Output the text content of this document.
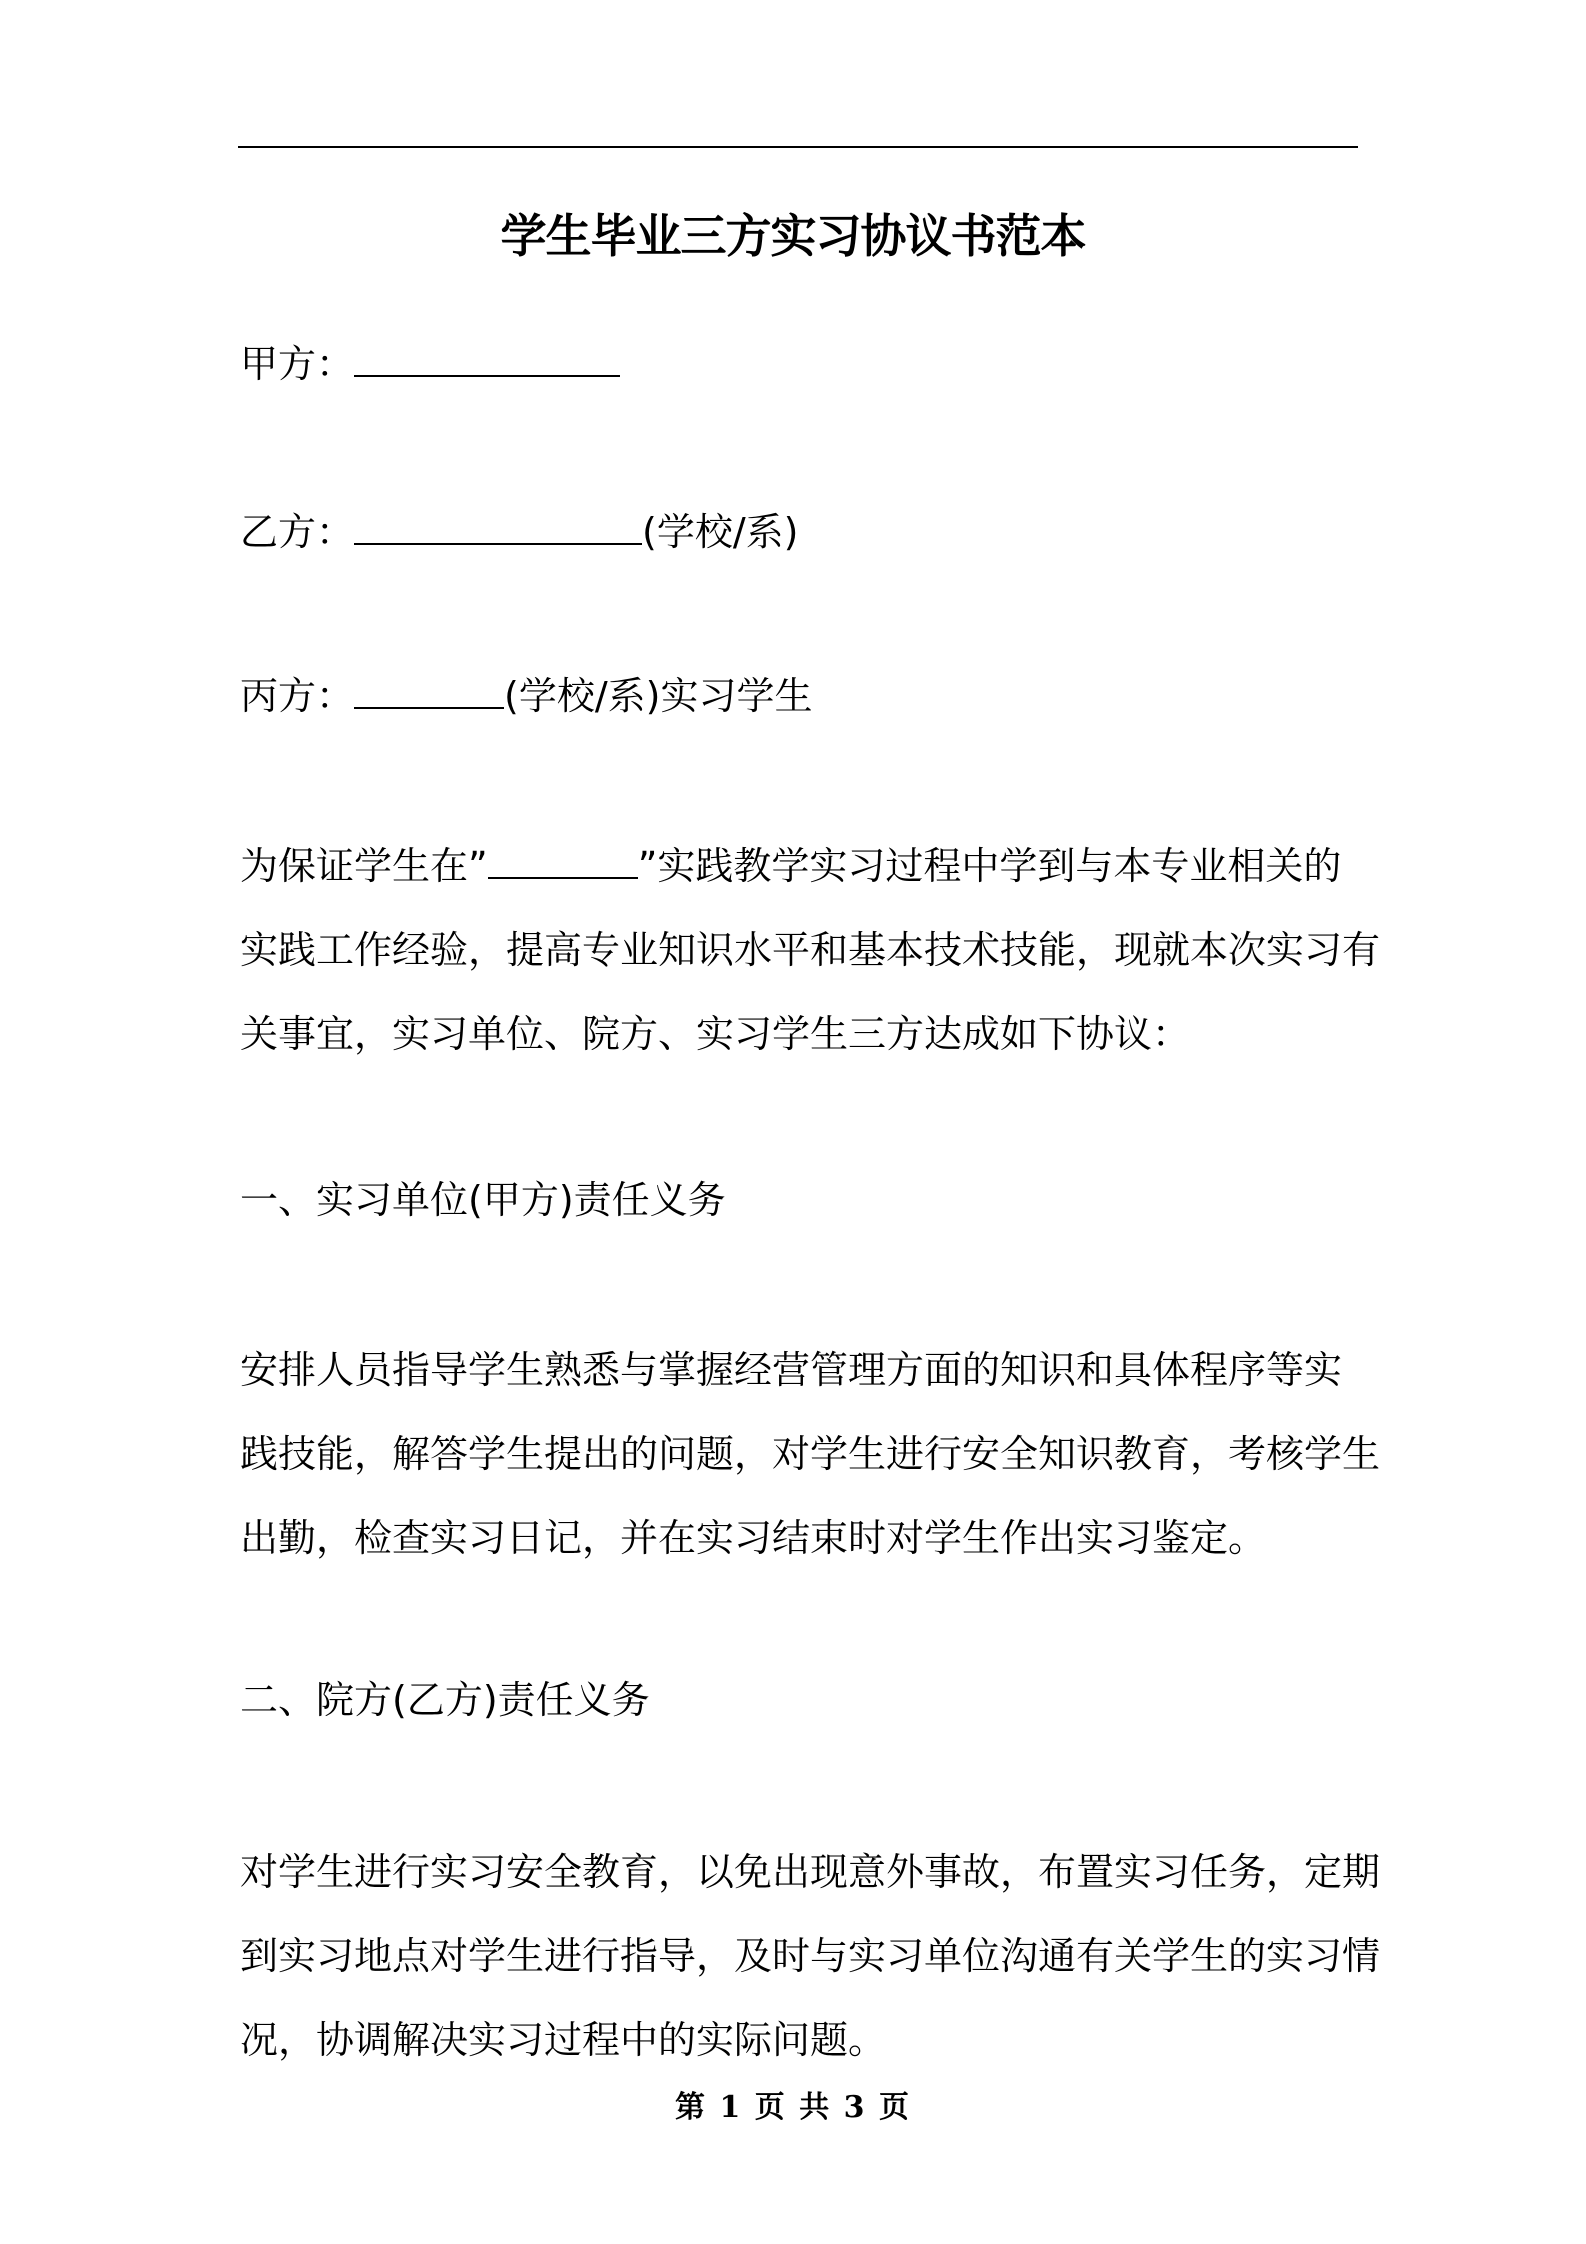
学生毕业三方实习协议书范本
甲方：
乙方：	(学校/系)
丙方：	(学校/系)实习学生
为保证学生在”	”实践教学实习过程中学到与本专业相关的
实践工作经验，提高专业知识水平和基本技术技能，现就本次实习有
关事宜，实习单位、院方、实习学生三方达成如下协议：
一、实习单位(甲方)责任义务
安排人员指导学生熟悉与掌握经营管理方面的知识和具体程序等实
践技能，解答学生提出的问题，对学生进行安全知识教育，考核学生
出勤，检查实习日记，并在实习结束时对学生作出实习鉴定。
二、院方(乙方)责任义务
对学生进行实习安全教育，以免出现意外事故，布置实习任务，定期
到实习地点对学生进行指导，及时与实习单位沟通有关学生的实习情
况，协调解决实习过程中的实际问题。
第 1 页 共 3 页
